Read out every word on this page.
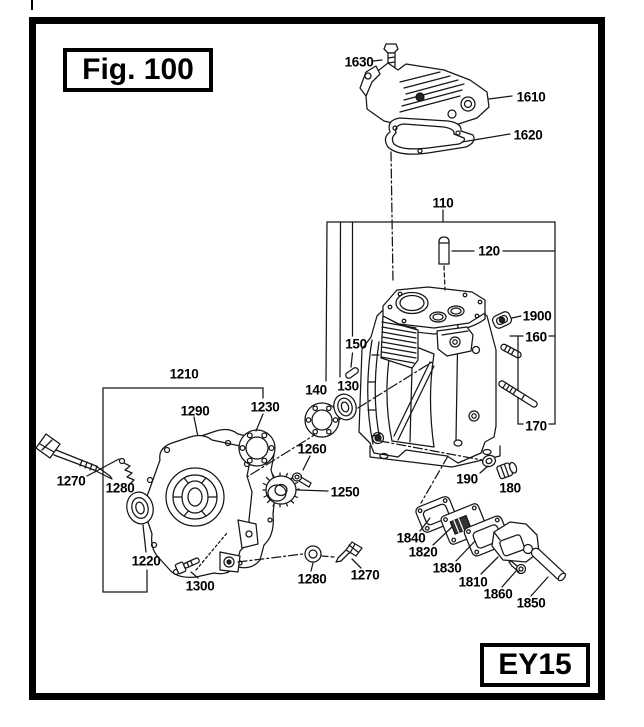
Fig. 100
EY15
1630
1610
1620
110
120
1900
160
170
150
130
140
190
180
1210
1290	1230
1260
1250
1270 1280
1220
1300	1280 1270
1840
1820
1830
1810
1860
1850
